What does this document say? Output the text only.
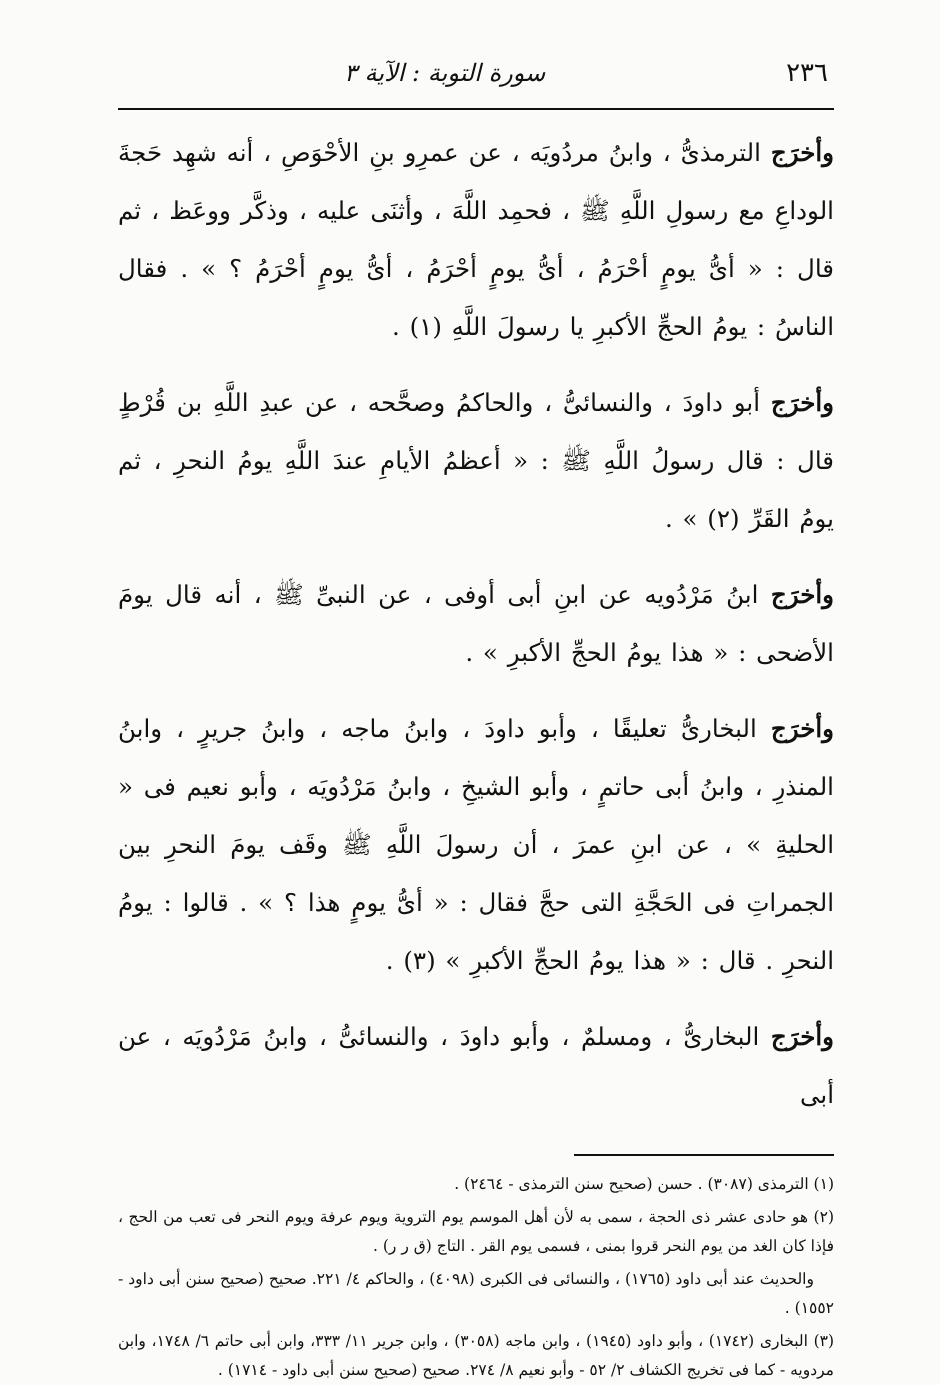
٢٣٦
سورة التوبة : الآية ٣

وأخرَج الترمذىُّ ، وابنُ مردُويَه ، عن عمرِو بنِ الأحْوَصِ ، أنه شهِد حَجةَ الوداعِ مع رسولِ اللَّهِ ﷺ ، فحمِد اللَّهَ ، وأثنَى عليه ، وذكَّر ووعَظ ، ثم قال : « أىُّ يومٍ أحْرَمُ ، أىُّ يومٍ أحْرَمُ ، أىُّ يومٍ أحْرَمُ ؟ » . فقال الناسُ : يومُ الحجِّ الأكبرِ يا رسولَ اللَّهِ (١) .

وأخرَج أبو داودَ ، والنسائىُّ ، والحاكمُ وصحَّحه ، عن عبدِ اللَّهِ بن قُرْطٍ قال : قال رسولُ اللَّهِ ﷺ : « أعظمُ الأيامِ عندَ اللَّهِ يومُ النحرِ ، ثم يومُ القَرِّ (٢) » .

وأخرَج ابنُ مَرْدُويه عن ابنِ أبى أوفى ، عن النبىِّ ﷺ ، أنه قال يومَ الأضحى : « هذا يومُ الحجِّ الأكبرِ » .

وأخرَج البخارىُّ تعليقًا ، وأبو داودَ ، وابنُ ماجه ، وابنُ جريرٍ ، وابنُ المنذرِ ، وابنُ أبى حاتمٍ ، وأبو الشيخِ ، وابنُ مَرْدُويَه ، وأبو نعيم فى « الحليةِ » ، عن ابنِ عمرَ ، أن رسولَ اللَّهِ ﷺ وقَف يومَ النحرِ بين الجمراتِ فى الحَجَّةِ التى حجَّ فقال : « أىُّ يومٍ هذا ؟ » . قالوا : يومُ النحرِ . قال : « هذا يومُ الحجِّ الأكبرِ » (٣) .

وأخرَج البخارىُّ ، ومسلمٌ ، وأبو داودَ ، والنسائىُّ ، وابنُ مَرْدُويَه ، عن أبى

(١) الترمذى (٣٠٨٧) . حسن (صحيح سنن الترمذى - ٢٤٦٤) .

(٢) هو حادى عشر ذى الحجة ، سمى به لأن أهل الموسم يوم التروية ويوم عرفة ويوم النحر فى تعب من الحج ، فإذا كان الغد من يوم النحر قروا بمنى ، فسمى يوم القر . التاج (ق ر ر) .

والحديث عند أبى داود (١٧٦٥) ، والنسائى فى الكبرى (٤٠٩٨) ، والحاكم ٤/ ٢٢١. صحيح (صحيح سنن أبى داود - ١٥٥٢) .

(٣) البخارى (١٧٤٢) ، وأبو داود (١٩٤٥) ، وابن ماجه (٣٠٥٨) ، وابن جرير ١١/ ٣٣٣، وابن أبى حاتم ٦/ ١٧٤٨، وابن مردويه - كما فى تخريج الكشاف ٢/ ٥٢ - وأبو نعيم ٨/ ٢٧٤. صحيح (صحيح سنن أبى داود - ١٧١٤) .
